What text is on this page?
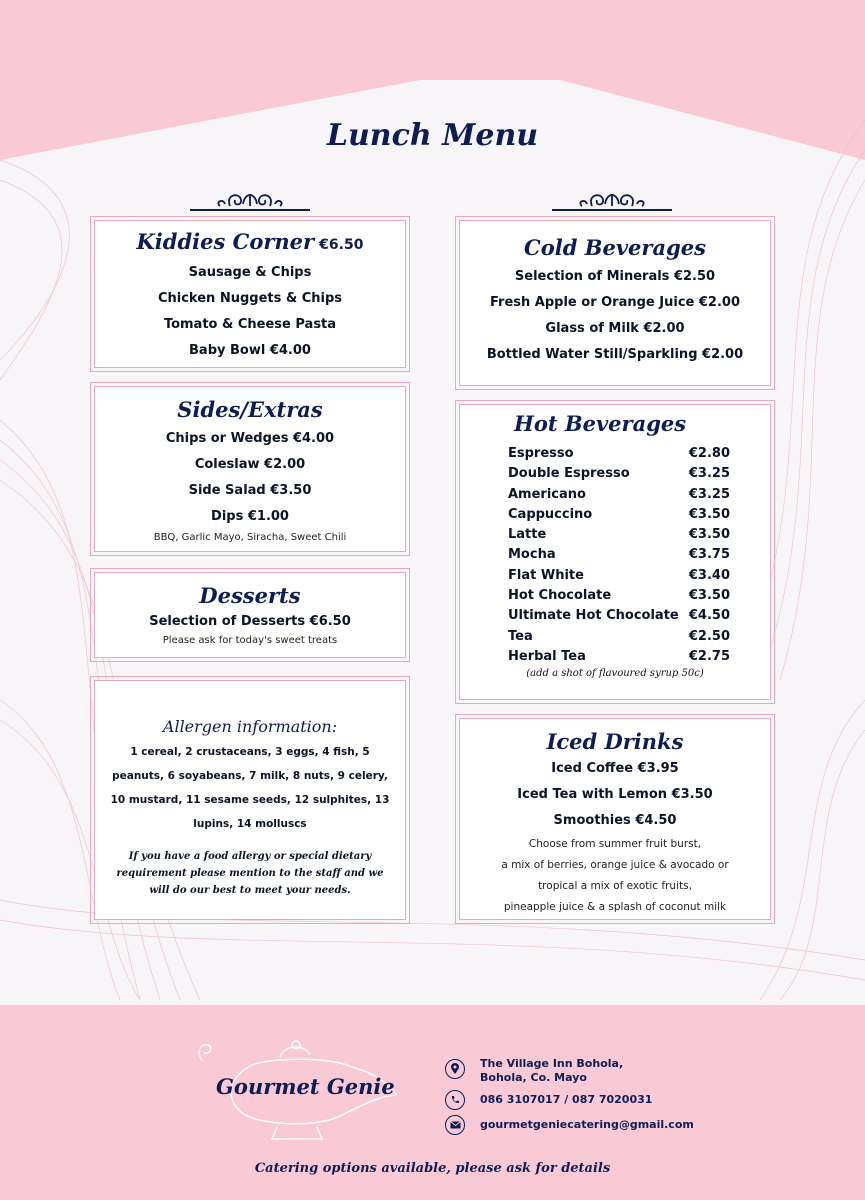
Lunch Menu
Kiddies Corner €6.50
Sausage & Chips
Chicken Nuggets & Chips
Tomato & Cheese Pasta
Baby Bowl €4.00
Sides/Extras
Chips or Wedges €4.00
Coleslaw €2.00
Side Salad €3.50
Dips €1.00
BBQ, Garlic Mayo, Siracha, Sweet Chili
Desserts
Selection of Desserts €6.50
Please ask for today's sweet treats
Allergen information:
1 cereal, 2 crustaceans, 3 eggs, 4 fish, 5 peanuts, 6 soyabeans, 7 milk, 8 nuts, 9 celery, 10 mustard, 11 sesame seeds, 12 sulphites, 13 lupins, 14 molluscs
If you have a food allergy or special dietary requirement please mention to the staff and we will do our best to meet your needs.
Cold Beverages
Selection of Minerals €2.50
Fresh Apple or Orange Juice €2.00
Glass of Milk €2.00
Bottled Water Still/Sparkling €2.00
Hot Beverages
Espresso	€2.80
Double Espresso	€3.25
Americano	€3.25
Cappuccino	€3.50
Latte	€3.50
Mocha	€3.75
Flat White	€3.40
Hot Chocolate	€3.50
Ultimate Hot Chocolate €4.50
Tea	€2.50
Herbal Tea	€2.75
(add a shot of flavoured syrup 50c)
Iced Drinks
Iced Coffee €3.95
Iced Tea with Lemon €3.50
Smoothies €4.50
Choose from summer fruit burst,
a mix of berries, orange juice & avocado or
tropical a mix of exotic fruits,
pineapple juice & a splash of coconut milk
Gourmet Genie
The Village Inn Bohola,
Bohola, Co. Mayo
086 3107017 / 087 7020031
gourmetgeniecatering@gmail.com
Catering options available, please ask for details
